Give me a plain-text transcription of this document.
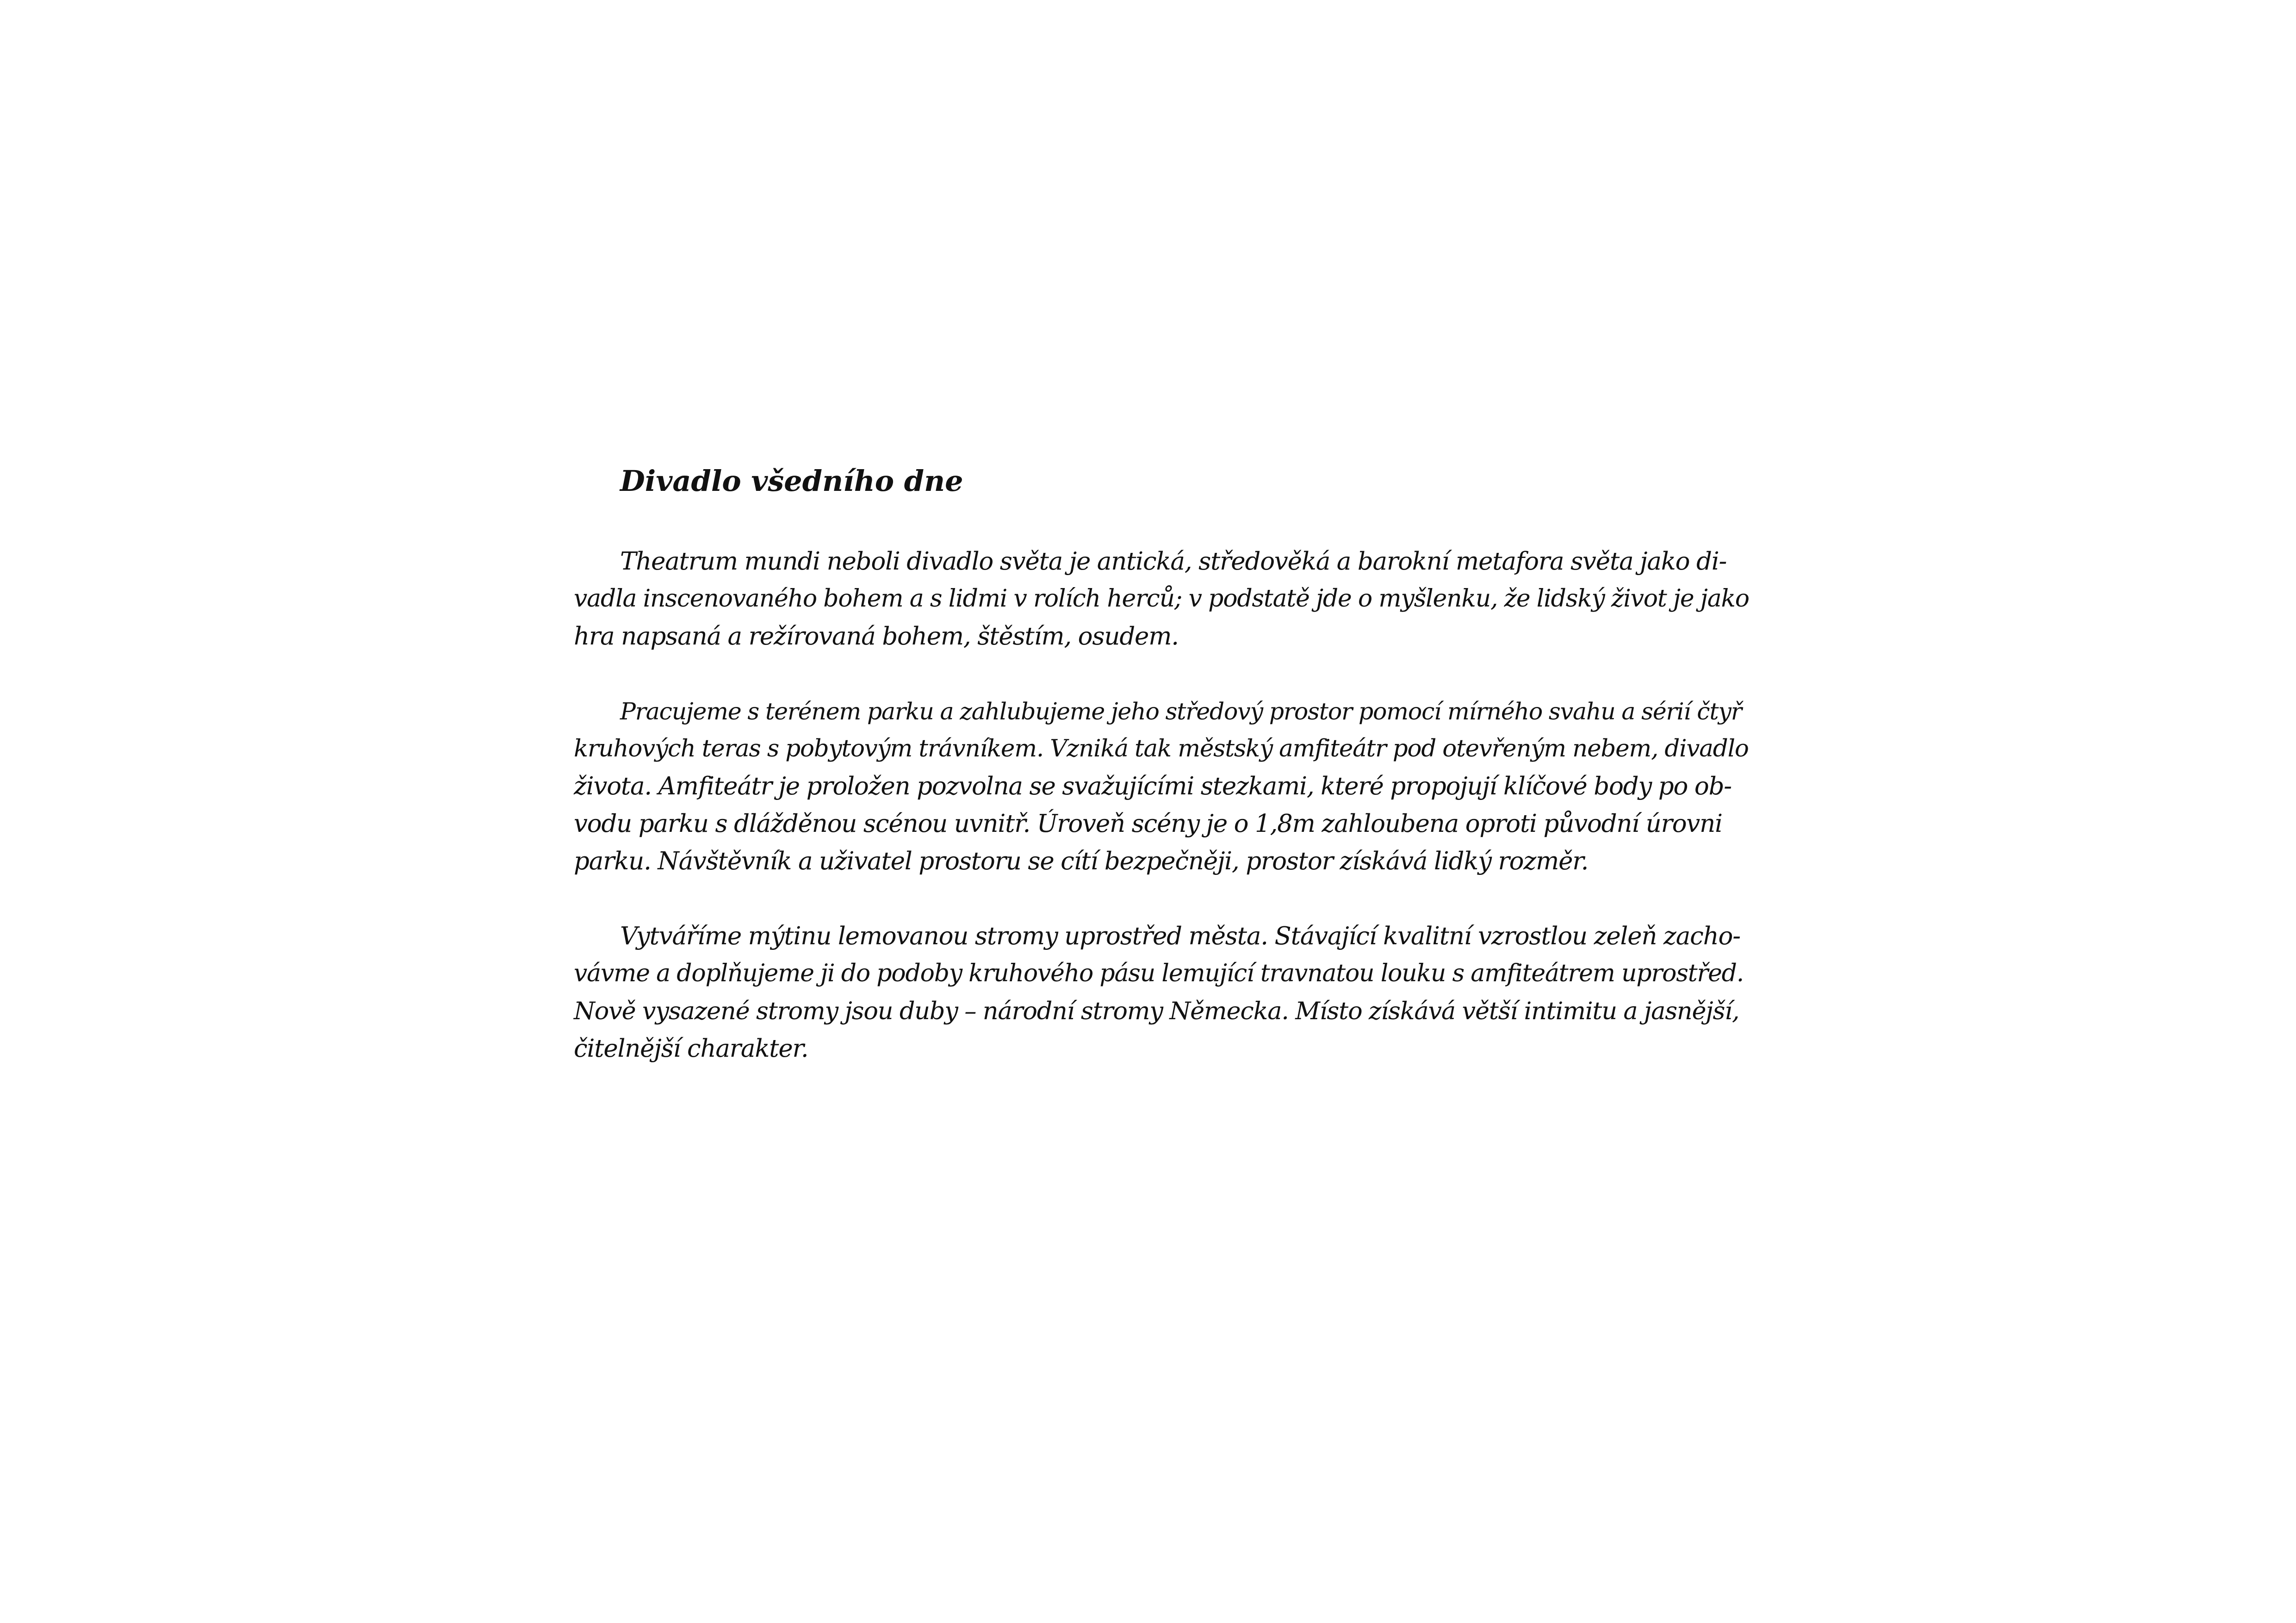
Divadlo všedního dne
Theatrum mundi neboli divadlo světa je antická, středověká a barokní metafora světa jako di-
vadla inscenovaného bohem a s lidmi v rolích herců; v podstatě jde o myšlenku, že lidský život je jako
hra napsaná a režírovaná bohem, štěstím, osudem.
Pracujeme s terénem parku a zahlubujeme jeho středový prostor pomocí mírného svahu a sérií čtyř
kruhových teras s pobytovým trávníkem. Vzniká tak městský amfiteátr pod otevřeným nebem, divadlo
života. Amfiteátr je proložen pozvolna se svažujícími stezkami, které propojují klíčové body po ob-
vodu parku s dlážděnou scénou uvnitř. Úroveň scény je o 1,8m zahloubena oproti původní úrovni
parku. Návštěvník a uživatel prostoru se cítí bezpečněji, prostor získává lidký rozměr.
Vytváříme mýtinu lemovanou stromy uprostřed města. Stávající kvalitní vzrostlou zeleň zacho-
vávme a doplňujeme ji do podoby kruhového pásu lemující travnatou louku s amfiteátrem uprostřed.
Nově vysazené stromy jsou duby – národní stromy Německa. Místo získává větší intimitu a jasnější,
čitelnější charakter.
